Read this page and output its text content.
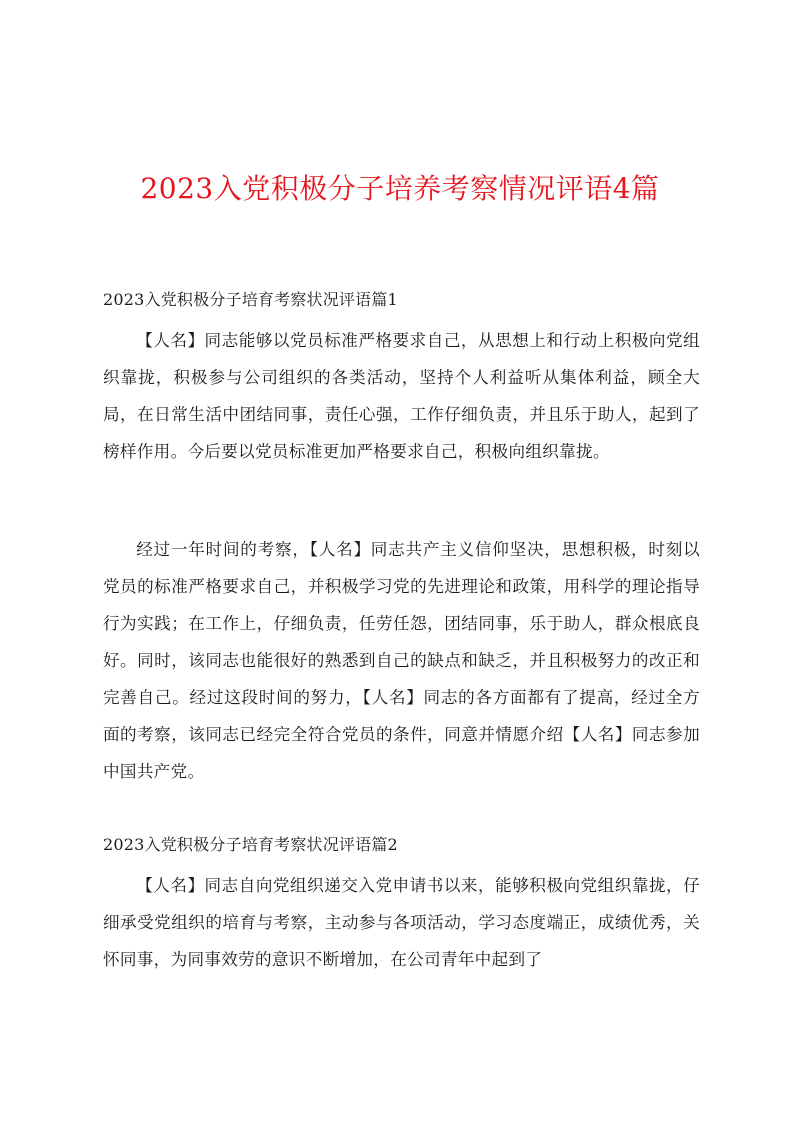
2023入党积极分子培养考察情况评语4篇
2023入党积极分子培育考察状况评语篇1
【人名】同志能够以党员标准严格要求自己，从思想上和行动上积极向党组织靠拢，积极参与公司组织的各类活动，坚持个人利益听从集体利益，顾全大局，在日常生活中团结同事，责任心强，工作仔细负责，并且乐于助人，起到了榜样作用。今后要以党员标准更加严格要求自己，积极向组织靠拢。
经过一年时间的考察，【人名】同志共产主义信仰坚决，思想积极，时刻以党员的标准严格要求自己，并积极学习党的先进理论和政策，用科学的理论指导行为实践；在工作上，仔细负责，任劳任怨，团结同事，乐于助人，群众根底良好。同时，该同志也能很好的熟悉到自己的缺点和缺乏，并且积极努力的改正和完善自己。经过这段时间的努力，【人名】同志的各方面都有了提高，经过全方面的考察，该同志已经完全符合党员的条件，同意并情愿介绍【人名】同志参加中国共产党。
2023入党积极分子培育考察状况评语篇2
【人名】同志自向党组织递交入党申请书以来，能够积极向党组织靠拢，仔细承受党组织的培育与考察，主动参与各项活动，学习态度端正，成绩优秀，关怀同事，为同事效劳的意识不断增加，在公司青年中起到了
